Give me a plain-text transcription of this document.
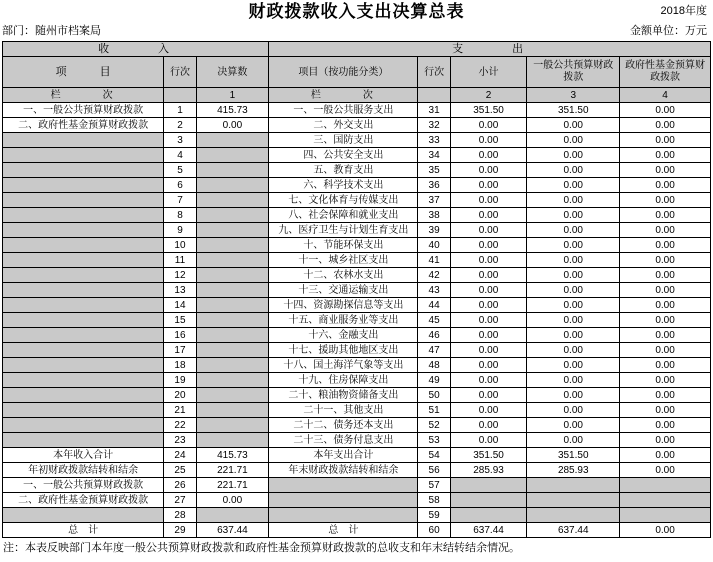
2018年度
财政拨款收入支出决算总表
部门：随州市档案局	金额单位：万元
收　　　入			支　　　出				
项　　　目	行次	决算数	项目（按功能分类）	行次	小计	一般公共预算财政拨款	政府性基金预算财政拨款
栏　　　次		1	栏　　　次		2	3	4
一、一般公共预算财政拨款	1	415.73	一、一般公共服务支出	31	351.50	351.50	0.00
二、政府性基金预算财政拨款	2	0.00	二、外交支出	32	0.00	0.00	0.00
	3		三、国防支出	33	0.00	0.00	0.00
	4		四、公共安全支出	34	0.00	0.00	0.00
	5		五、教育支出	35	0.00	0.00	0.00
	6		六、科学技术支出	36	0.00	0.00	0.00
	7		七、文化体育与传媒支出	37	0.00	0.00	0.00
	8		八、社会保障和就业支出	38	0.00	0.00	0.00
	9		九、医疗卫生与计划生育支出	39	0.00	0.00	0.00
	10		十、节能环保支出	40	0.00	0.00	0.00
	11		十一、城乡社区支出	41	0.00	0.00	0.00
	12		十二、农林水支出	42	0.00	0.00	0.00
	13		十三、交通运输支出	43	0.00	0.00	0.00
	14		十四、资源勘探信息等支出	44	0.00	0.00	0.00
	15		十五、商业服务业等支出	45	0.00	0.00	0.00
	16		十六、金融支出	46	0.00	0.00	0.00
	17		十七、援助其他地区支出	47	0.00	0.00	0.00
	18		十八、国土海洋气象等支出	48	0.00	0.00	0.00
	19		十九、住房保障支出	49	0.00	0.00	0.00
	20		二十、粮油物资储备支出	50	0.00	0.00	0.00
	21		二十一、其他支出	51	0.00	0.00	0.00
	22		二十二、债务还本支出	52	0.00	0.00	0.00
	23		二十三、债务付息支出	53	0.00	0.00	0.00
本年收入合计	24	415.73	本年支出合计	54	351.50	351.50	0.00
年初财政拨款结转和结余	25	221.71	年末财政拨款结转和结余	56	285.93	285.93	0.00
一、一般公共预算财政拨款	26	221.71		57			
二、政府性基金预算财政拨款	27	0.00		58			
	28			59			
总　计	29	637.44	总　计	60	637.44	637.44	0.00
注：本表反映部门本年度一般公共预算财政拨款和政府性基金预算财政拨款的总收支和年末结转结余情况。
